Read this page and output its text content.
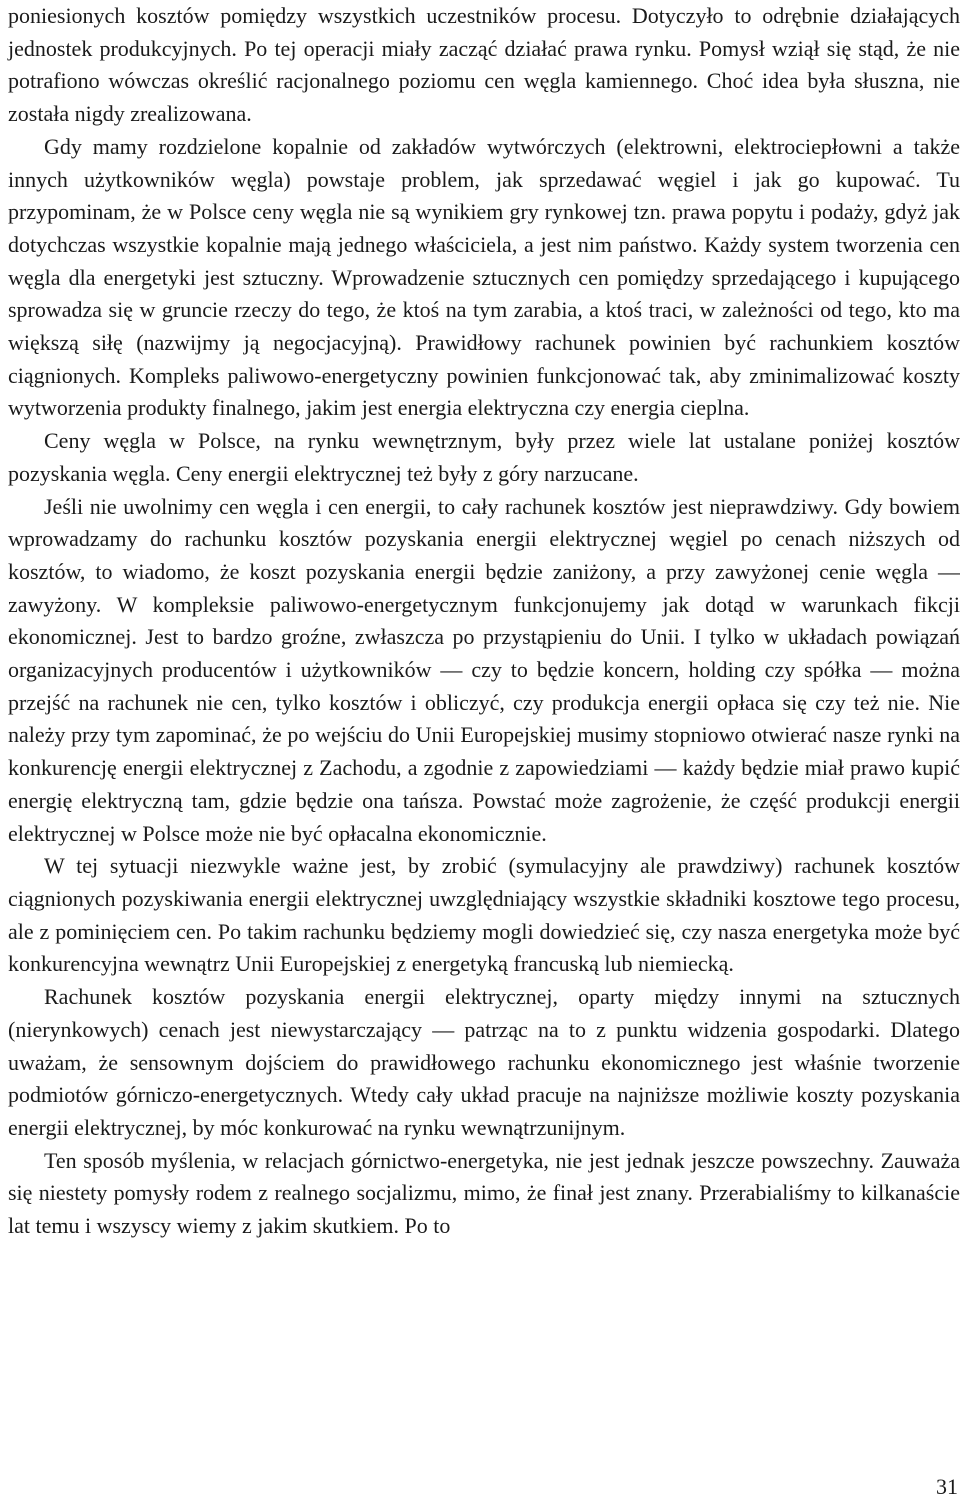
poniesionych kosztów pomiędzy wszystkich uczestników procesu. Dotyczyło to odrębnie działających jednostek produkcyjnych. Po tej operacji miały zacząć działać prawa rynku. Pomysł wziął się stąd, że nie potrafiono wówczas określić racjonalnego poziomu cen węgla kamiennego. Choć idea była słuszna, nie została nigdy zrealizowana.

Gdy mamy rozdzielone kopalnie od zakładów wytwórczych (elektrowni, elektrociepłowni a także innych użytkowników węgla) powstaje problem, jak sprzedawać węgiel i jak go kupować. Tu przypominam, że w Polsce ceny węgla nie są wynikiem gry rynkowej tzn. prawa popytu i podaży, gdyż jak dotychczas wszystkie kopalnie mają jednego właściciela, a jest nim państwo. Każdy system tworzenia cen węgla dla energetyki jest sztuczny. Wprowadzenie sztucznych cen pomiędzy sprzedającego i kupującego sprowadza się w gruncie rzeczy do tego, że ktoś na tym zarabia, a ktoś traci, w zależności od tego, kto ma większą siłę (nazwijmy ją negocjacyjną). Prawidłowy rachunek powinien być rachunkiem kosztów ciągnionych. Kompleks paliwowo-energetyczny powinien funkcjonować tak, aby zminimalizować koszty wytworzenia produkty finalnego, jakim jest energia elektryczna czy energia cieplna.

Ceny węgla w Polsce, na rynku wewnętrznym, były przez wiele lat ustalane poniżej kosztów pozyskania węgla. Ceny energii elektrycznej też były z góry narzucane.

Jeśli nie uwolnimy cen węgla i cen energii, to cały rachunek kosztów jest nieprawdziwy. Gdy bowiem wprowadzamy do rachunku kosztów pozyskania energii elektrycznej węgiel po cenach niższych od kosztów, to wiadomo, że koszt pozyskania energii będzie zaniżony, a przy zawyżonej cenie węgla — zawyżony. W kompleksie paliwowo-energetycznym funkcjonujemy jak dotąd w warunkach fikcji ekonomicznej. Jest to bardzo groźne, zwłaszcza po przystąpieniu do Unii. I tylko w układach powiązań organizacyjnych producentów i użytkowników — czy to będzie koncern, holding czy spółka — można przejść na rachunek nie cen, tylko kosztów i obliczyć, czy produkcja energii opłaca się czy też nie. Nie należy przy tym zapominać, że po wejściu do Unii Europejskiej musimy stopniowo otwierać nasze rynki na konkurencję energii elektrycznej z Zachodu, a zgodnie z zapowiedziami — każdy będzie miał prawo kupić energię elektryczną tam, gdzie będzie ona tańsza. Powstać może zagrożenie, że część produkcji energii elektrycznej w Polsce może nie być opłacalna ekonomicznie.

W tej sytuacji niezwykle ważne jest, by zrobić (symulacyjny ale prawdziwy) rachunek kosztów ciągnionych pozyskiwania energii elektrycznej uwzględniający wszystkie składniki kosztowe tego procesu, ale z pominięciem cen. Po takim rachunku będziemy mogli dowiedzieć się, czy nasza energetyka może być konkurencyjna wewnątrz Unii Europejskiej z energetyką francuską lub niemiecką.

Rachunek kosztów pozyskania energii elektrycznej, oparty między innymi na sztucznych (nierynkowych) cenach jest niewystarczający — patrząc na to z punktu widzenia gospodarki. Dlatego uważam, że sensownym dojściem do prawidłowego rachunku ekonomicznego jest właśnie tworzenie podmiotów górniczo-energetycznych. Wtedy cały układ pracuje na najniższe możliwie koszty pozyskania energii elektrycznej, by móc konkurować na rynku wewnątrzunijnym.

Ten sposób myślenia, w relacjach górnictwo-energetyka, nie jest jednak jeszcze powszechny. Zauważa się niestety pomysły rodem z realnego socjalizmu, mimo, że finał jest znany. Przerabialiśmy to kilkanaście lat temu i wszyscy wiemy z jakim skutkiem. Po to

31
